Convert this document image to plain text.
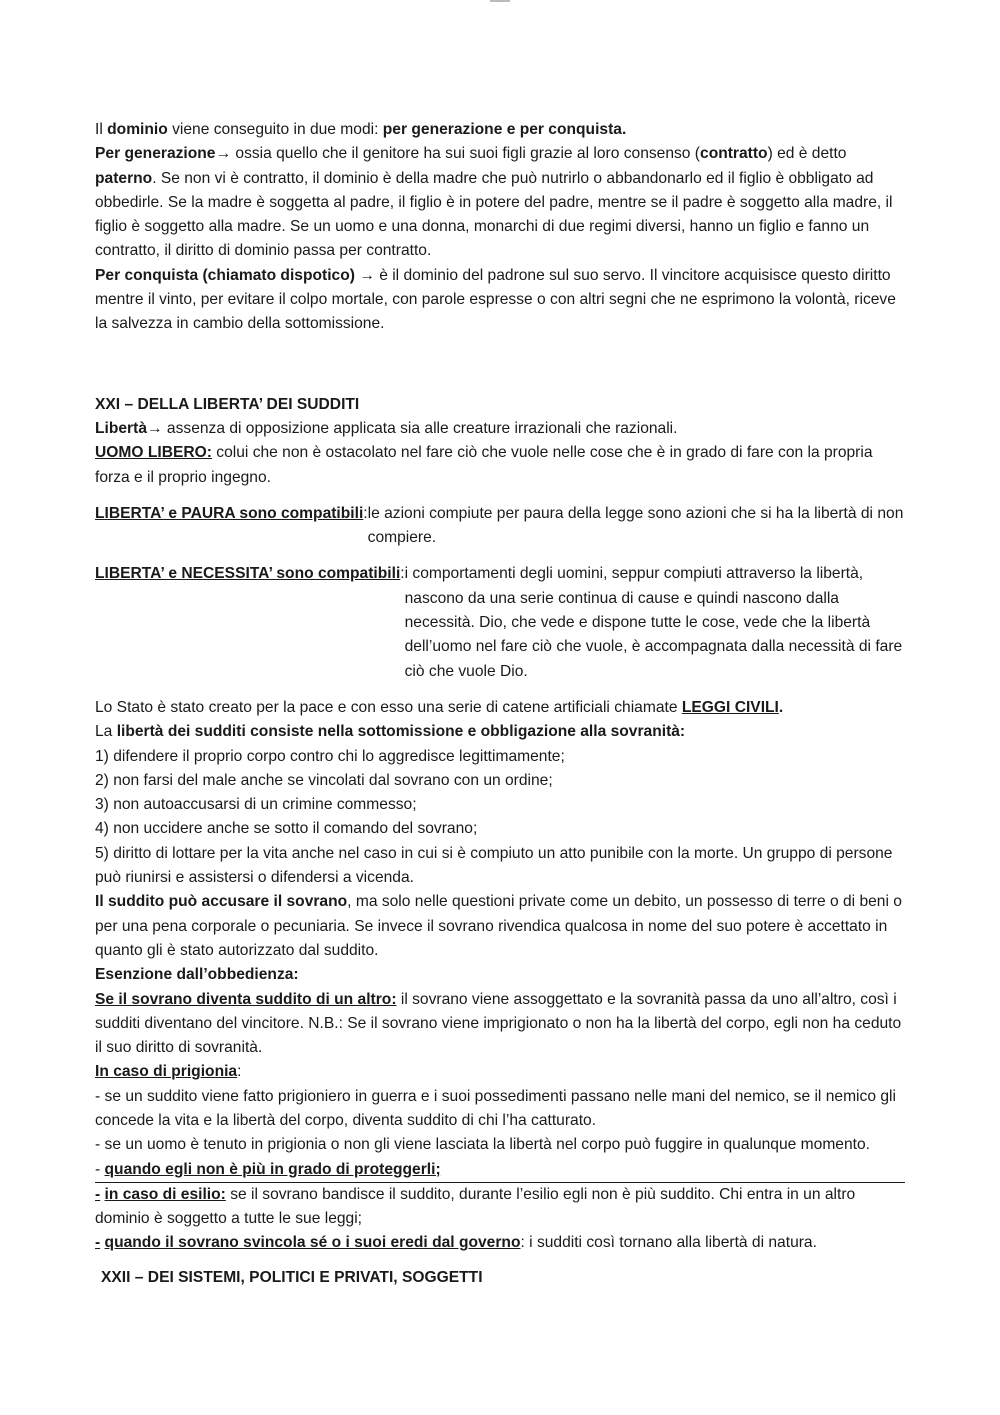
Il dominio viene conseguito in due modi: per generazione e per conquista.

Per generazione→ ossia quello che il genitore ha sui suoi figli grazie al loro consenso (contratto) ed è detto paterno. Se non vi è contratto, il dominio è della madre che può nutrirlo o abbandonarlo ed il figlio è obbligato ad obbedirle. Se la madre è soggetta al padre, il figlio è in potere del padre, mentre se il padre è soggetto alla madre, il figlio è soggetto alla madre. Se un uomo e una donna, monarchi di due regimi diversi, hanno un figlio e fanno un contratto, il diritto di dominio passa per contratto.

Per conquista (chiamato dispotico) → è il dominio del padrone sul suo servo. Il vincitore acquisisce questo diritto mentre il vinto, per evitare il colpo mortale, con parole espresse o con altri segni che ne esprimono la volontà, riceve la salvezza in cambio della sottomissione.

XXI – DELLA LIBERTA’ DEI SUDDITI

Libertà→ assenza di opposizione applicata sia alle creature irrazionali che razionali.

UOMO LIBERO: colui che non è ostacolato nel fare ciò che vuole nelle cose che è in grado di fare con la propria forza e il proprio ingegno.

LIBERTA’ e PAURA sono compatibili: le azioni compiute per paura della legge sono azioni che si ha la libertà di non compiere.
LIBERTA’ e NECESSITA’ sono compatibili: i comportamenti degli uomini, seppur compiuti attraverso la libertà, nascono da una serie continua di cause e quindi nascono dalla necessità. Dio, che vede e dispone tutte le cose, vede che la libertà dell’uomo nel fare ciò che vuole, è accompagnata dalla necessità di fare ciò che vuole Dio.

Lo Stato è stato creato per la pace e con esso una serie di catene artificiali chiamate LEGGI CIVILI.

La libertà dei sudditi consiste nella sottomissione e obbligazione alla sovranità:

1) difendere il proprio corpo contro chi lo aggredisce legittimamente;

2) non farsi del male anche se vincolati dal sovrano con un ordine;

3) non autoaccusarsi di un crimine commesso;

4) non uccidere anche se sotto il comando del sovrano;

5) diritto di lottare per la vita anche nel caso in cui si è compiuto un atto punibile con la morte. Un gruppo di persone può riunirsi e assistersi o difendersi a vicenda.

Il suddito può accusare il sovrano, ma solo nelle questioni private come un debito, un possesso di terre o di beni o per una pena corporale o pecuniaria. Se invece il sovrano rivendica qualcosa in nome del suo potere è accettato in quanto gli è stato autorizzato dal suddito.

Esenzione dall’obbedienza:

Se il sovrano diventa suddito di un altro: il sovrano viene assoggettato e la sovranità passa da uno all’altro, così i sudditi diventano del vincitore. N.B.: Se il sovrano viene imprigionato o non ha la libertà del corpo, egli non ha ceduto il suo diritto di sovranità.

In caso di prigionia:

- se un suddito viene fatto prigioniero in guerra e i suoi possedimenti passano nelle mani del nemico, se il nemico gli concede la vita e la libertà del corpo, diventa suddito di chi l’ha catturato.

- se un uomo è tenuto in prigionia o non gli viene lasciata la libertà nel corpo può fuggire in qualunque momento.

- quando egli non è più in grado di proteggerli;

- in caso di esilio: se il sovrano bandisce il suddito, durante l’esilio egli non è più suddito. Chi entra in un altro dominio è soggetto a tutte le sue leggi;

- quando il sovrano svincola sé o i suoi eredi dal governo: i sudditi così tornano alla libertà di natura.

XXII – DEI SISTEMI, POLITICI E PRIVATI, SOGGETTI
